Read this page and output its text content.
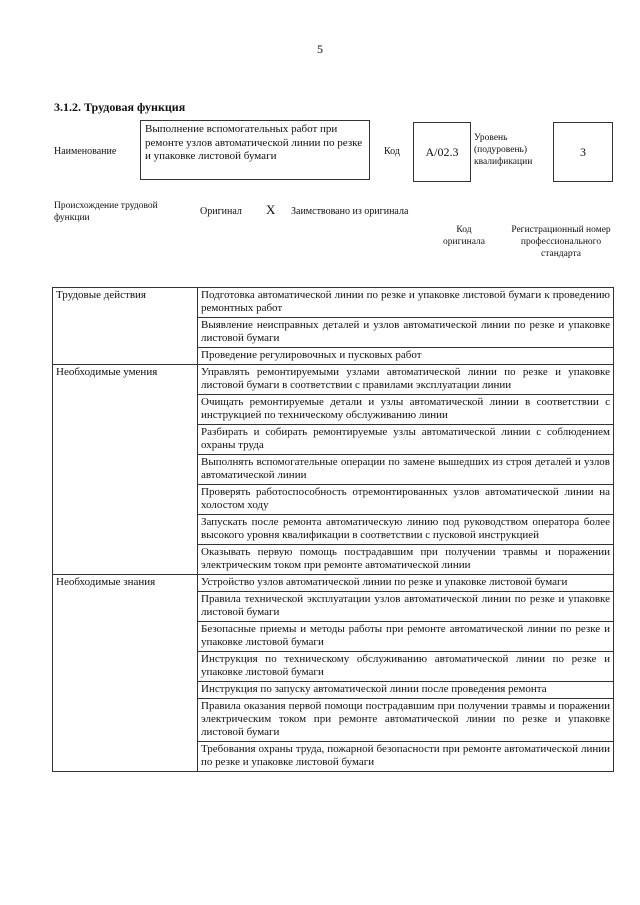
5
3.1.2. Трудовая функция
Наименование
Выполнение вспомогательных работ при ремонте узлов автоматической линии по резке и упаковке листовой бумаги	Код	A/02.3
Уровень (подуровень) квалификации
3
Происхождение трудовой функции
Оригинал X Заимствовано из оригинала
Код оригинала
Регистрационный номер профессионального стандарта
Трудовые действия	Подготовка автоматической линии по резке и упаковке листовой бумаги к проведению ремонтных работ
	Выявление неисправных деталей и узлов автоматической линии по резке и упаковке листовой бумаги
	Проведение регулировочных и пусковых работ
Необходимые умения	Управлять ремонтируемыми узлами автоматической линии по резке и упаковке листовой бумаги в соответствии с правилами эксплуатации линии
	Очищать ремонтируемые детали и узлы автоматической линии в соответствии с инструкцией по техническому обслуживанию линии
	Разбирать и собирать ремонтируемые узлы автоматической линии с соблюдением охраны труда
	Выполнять вспомогательные операции по замене вышедших из строя деталей и узлов автоматической линии
	Проверять работоспособность отремонтированных узлов автоматической линии на холостом ходу
	Запускать после ремонта автоматическую линию под руководством оператора более высокого уровня квалификации в соответствии с пусковой инструкцией
	Оказывать первую помощь пострадавшим при получении травмы и поражении электрическим током при ремонте автоматической линии
Необходимые знания	Устройство узлов автоматической линии по резке и упаковке листовой бумаги
	Правила технической эксплуатации узлов автоматической линии по резке и упаковке листовой бумаги
	Безопасные приемы и методы работы при ремонте автоматической линии по резке и упаковке листовой бумаги
	Инструкция по техническому обслуживанию автоматической линии по резке и упаковке листовой бумаги
	Инструкция по запуску автоматической линии после проведения ремонта
	Правила оказания первой помощи пострадавшим при получении травмы и поражении электрическим током при ремонте автоматической линии по резке и упаковке листовой бумаги
	Требования охраны труда, пожарной безопасности при ремонте автоматической линии по резке и упаковке листовой бумаги
